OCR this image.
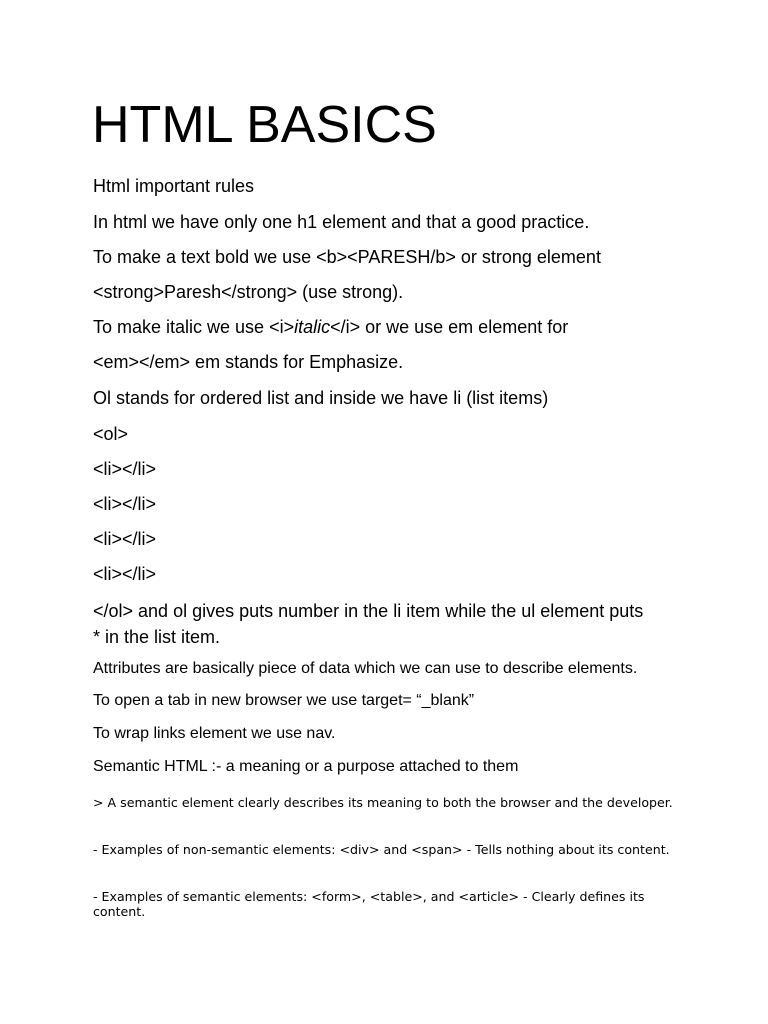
HTML BASICS

Html important rules

In html we have only one h1 element and that a good practice.

To make a text bold we use <b><PARESH/b> or strong element

<strong>Paresh</strong> (use strong).

To make italic we use <i>italic</i> or we use em element for

<em></em> em stands for Emphasize.

Ol stands for ordered list and inside we have li (list items)

<ol>

<li></li>

<li></li>

<li></li>

<li></li>

</ol> and ol gives puts number in the li item while the ul element puts * in the list item.

Attributes are basically piece of data which we can use to describe elements.

To open a tab in new browser we use target= “_blank”

To wrap links element we use nav.

Semantic HTML :- a meaning or a purpose attached to them

> A semantic element clearly describes its meaning to both the browser and the developer.

- Examples of non-semantic elements: <div> and <span> - Tells nothing about its content.

- Examples of semantic elements: <form>, <table>, and <article> - Clearly defines its content.
